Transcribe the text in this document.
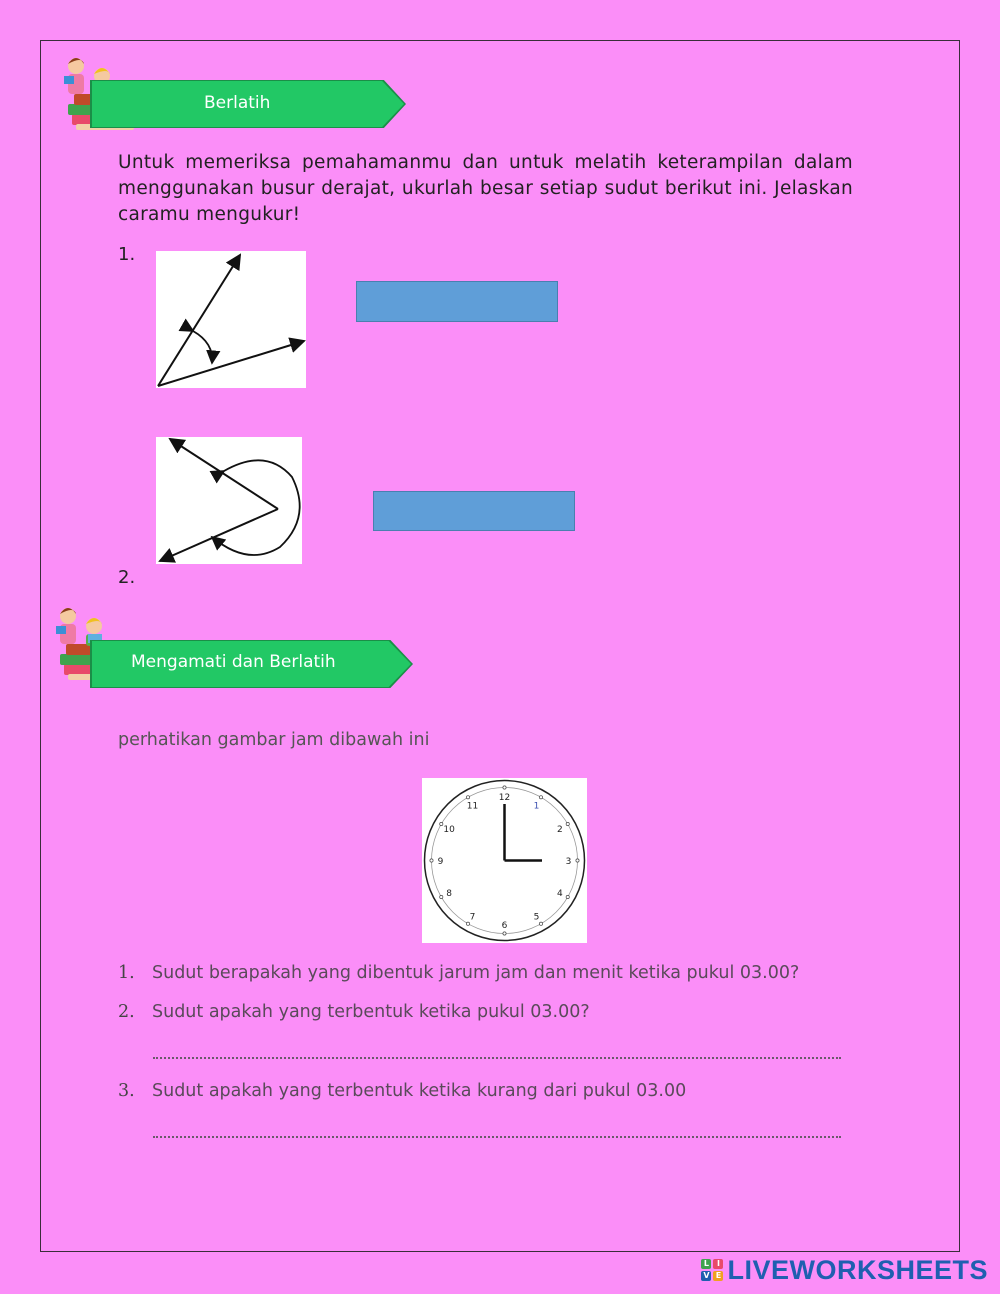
Berlatih
Untuk memeriksa pemahamanmu dan untuk melatih keterampilan dalam menggunakan busur derajat, ukurlah besar setiap sudut berikut ini. Jelaskan caramu mengukur!
1.
2.
Mengamati dan Berlatih
perhatikan gambar jam dibawah ini
12
1
2
3
4
5
6
7
8
9
10
11
1. Sudut berapakah yang dibentuk jarum jam dan menit ketika pukul 03.00?
2. Sudut apakah yang terbentuk ketika pukul 03.00?
3. Sudut apakah yang terbentuk ketika kurang dari pukul 03.00
L I
V E LIVEWORKSHEETS
